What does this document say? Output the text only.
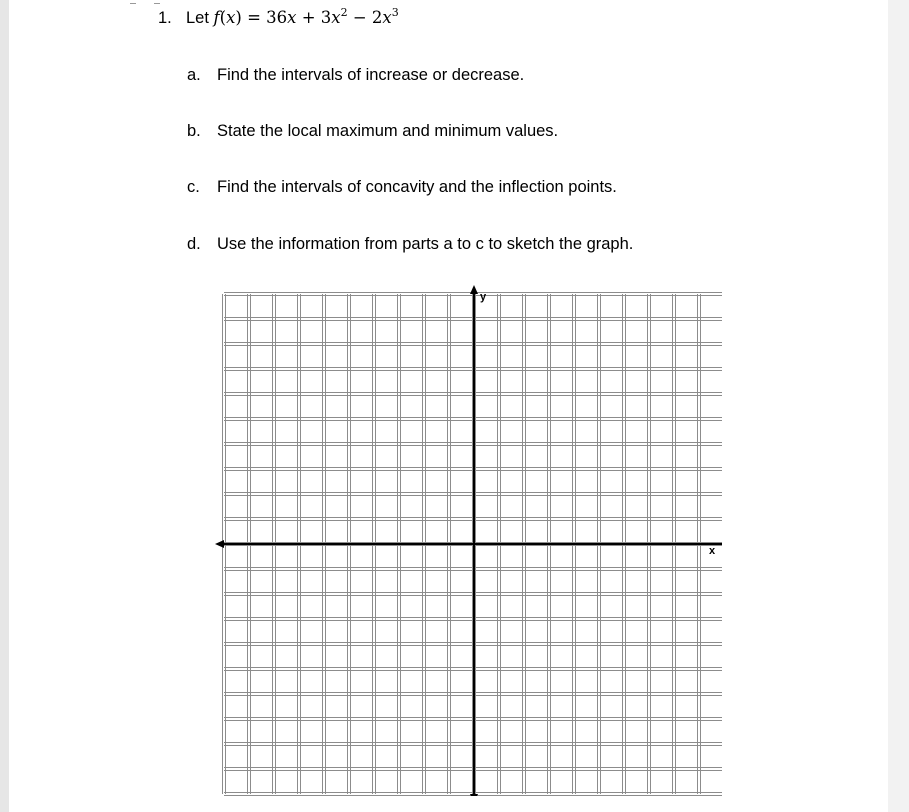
1. Let $f(x) = 36x + 3x^2 - 2x^3$
a. Find the intervals of increase or decrease.
b. State the local maximum and minimum values.
c. Find the intervals of concavity and the inflection points.
d. Use the information from parts a to c to sketch the graph.
y
x
